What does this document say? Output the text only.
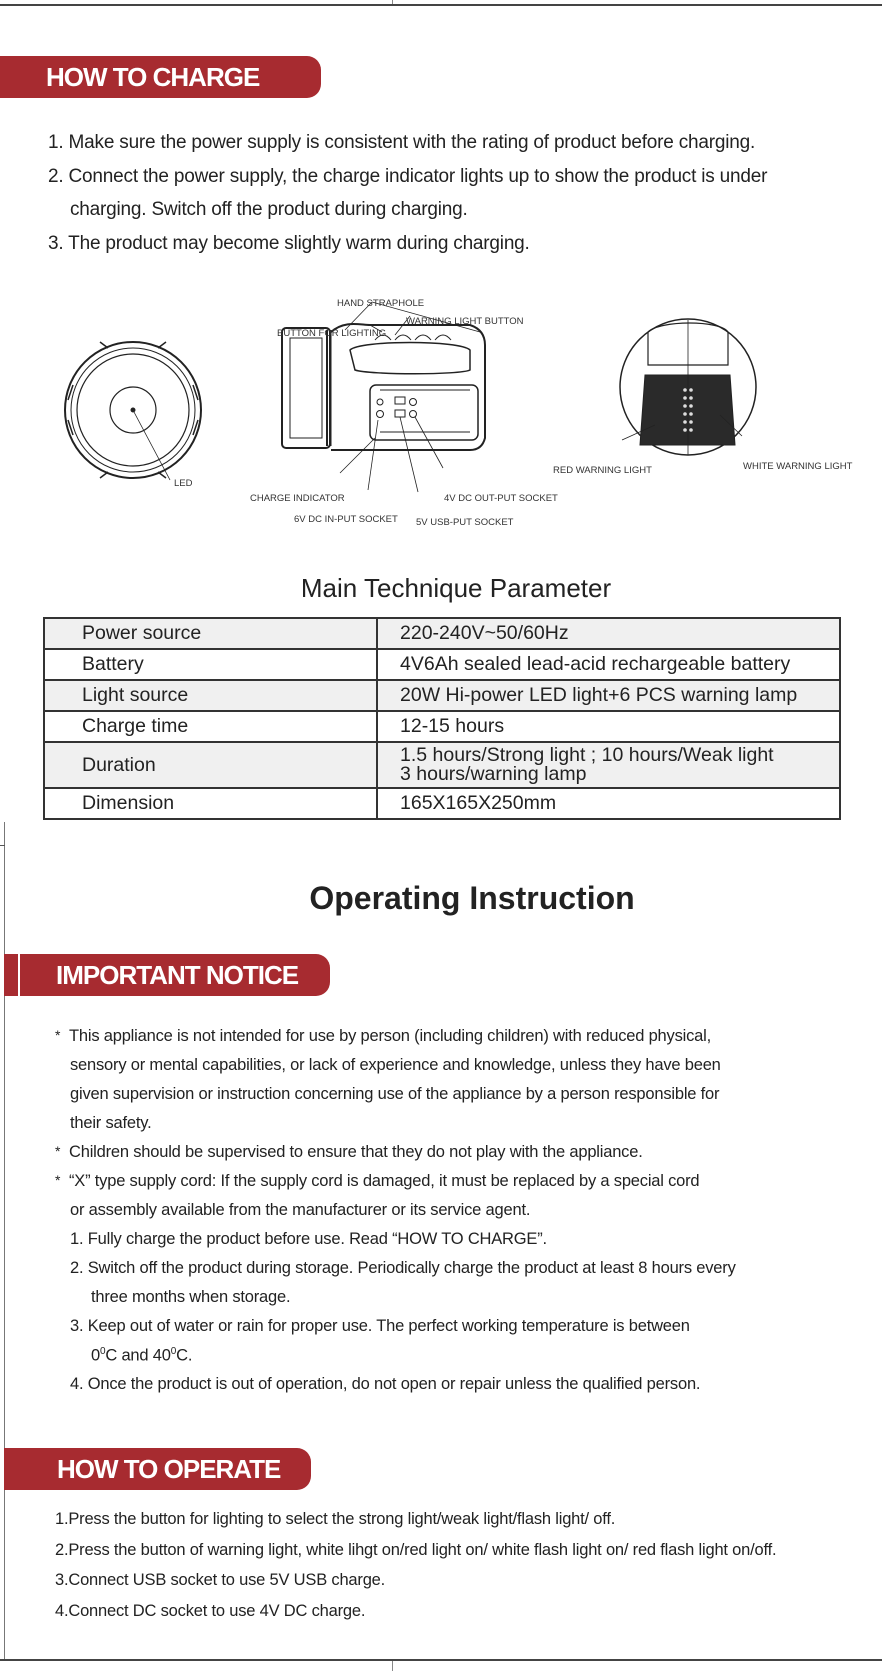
HOW TO CHARGE
1. Make sure the power supply is consistent with the rating of product before charging.
2. Connect the power supply, the charge indicator lights up to show the product is under
charging. Switch off the product during charging.
3. The product may become slightly warm during charging.
LED
HAND STRAPHOLE
BUTTON FOR LIGHTING
WARNING LIGHT BUTTON
CHARGE INDICATOR
6V DC IN-PUT SOCKET
4V DC OUT-PUT SOCKET
5V USB-PUT SOCKET
RED WARNING LIGHT	WHITE WARNING LIGHT
Main Technique Parameter
Power source	220-240V~50/60Hz
Battery	4V6Ah sealed lead-acid rechargeable battery
Light source	20W Hi-power LED light+6 PCS warning lamp
Charge time	12-15 hours
Duration	1.5 hours/Strong light ; 10 hours/Weak light
3 hours/warning lamp

Dimension	165X165X250mm
Operating Instruction
IMPORTANT NOTICE
* This appliance is not intended for use by person (including children) with reduced physical,
sensory or mental capabilities, or lack of experience and knowledge, unless they have been
given supervision or instruction concerning use of the appliance by a person responsible for
their safety.
* Children should be supervised to ensure that they do not play with the appliance.
* “X” type supply cord: If the supply cord is damaged, it must be replaced by a special cord
or assembly available from the manufacturer or its service agent.
1. Fully charge the product before use. Read “HOW TO CHARGE”.
2. Switch off the product during storage. Periodically charge the product at least 8 hours every
three months when storage.
3. Keep out of water or rain for proper use. The perfect working temperature is between
$0^0C$ and $40^0C$.
4. Once the product is out of operation, do not open or repair unless the qualified person.
HOW TO OPERATE
1.Press the button for lighting to select the strong light/weak light/flash light/ off.
2.Press the button of warning light, white lihgt on/red light on/ white flash light on/ red flash light on/off.
3.Connect USB socket to use 5V USB charge.
4.Connect DC socket to use 4V DC charge.
